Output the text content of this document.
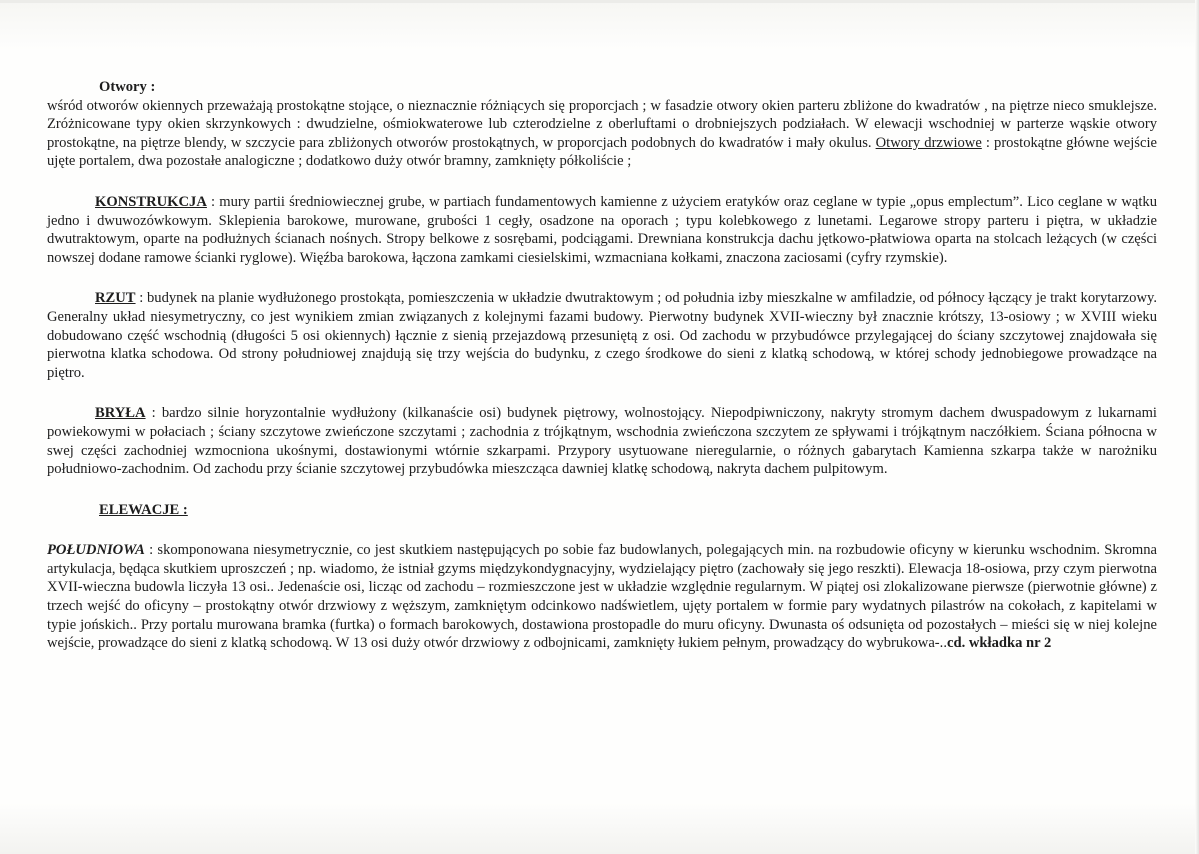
Otwory :

wśród otworów okiennych przeważają prostokątne stojące, o nieznacznie różniących się proporcjach ; w fasadzie otwory okien parteru zbliżone do kwadratów , na piętrze nieco smuklejsze. Zróżnicowane typy okien skrzynkowych : dwudzielne, ośmiokwaterowe lub czterodzielne z oberluftami o drobniejszych podziałach. W elewacji wschodniej w parterze wąskie otwory prostokątne, na piętrze blendy, w szczycie para zbliżonych otworów prostokątnych, w proporcjach podobnych do kwadratów i mały okulus. Otwory drzwiowe : prostokątne główne wejście ujęte portalem, dwa pozostałe analogiczne ; dodatkowo duży otwór bramny, zamknięty półkoliście ;

KONSTRUKCJA : mury partii średniowiecznej grube, w partiach fundamentowych kamienne z użyciem eratyków oraz ceglane w typie „opus emplectum”. Lico ceglane w wątku jedno i dwuwozówkowym. Sklepienia barokowe, murowane, grubości 1 cegły, osadzone na oporach ; typu kolebkowego z lunetami. Legarowe stropy parteru i piętra, w układzie dwutraktowym, oparte na podłużnych ścianach nośnych. Stropy belkowe z sosrębami, podciągami. Drewniana konstrukcja dachu jętkowo-płatwiowa oparta na stolcach leżących (w części nowszej dodane ramowe ścianki ryglowe). Więźba barokowa, łączona zamkami ciesielskimi, wzmacniana kołkami, znaczona zaciosami (cyfry rzymskie).

RZUT : budynek na planie wydłużonego prostokąta, pomieszczenia w układzie dwutraktowym ; od południa izby mieszkalne w amfiladzie, od północy łączący je trakt korytarzowy. Generalny układ niesymetryczny, co jest wynikiem zmian związanych z kolejnymi fazami budowy. Pierwotny budynek XVII-wieczny był znacznie krótszy, 13-osiowy ; w XVIII wieku dobudowano część wschodnią (długości 5 osi okiennych) łącznie z sienią przejazdową przesuniętą z osi. Od zachodu w przybudówce przylegającej do ściany szczytowej znajdowała się pierwotna klatka schodowa. Od strony południowej znajdują się trzy wejścia do budynku, z czego środkowe do sieni z klatką schodową, w której schody jednobiegowe prowadzące na piętro.

BRYŁA : bardzo silnie horyzontalnie wydłużony (kilkanaście osi) budynek piętrowy, wolnostojący. Niepodpiwniczony, nakryty stromym dachem dwuspadowym z lukarnami powiekowymi w połaciach ; ściany szczytowe zwieńczone szczytami ; zachodnia z trójkątnym, wschodnia zwieńczona szczytem ze spływami i trójkątnym naczółkiem. Ściana północna w swej części zachodniej wzmocniona ukośnymi, dostawionymi wtórnie szkarpami. Przypory usytuowane nieregularnie, o różnych gabarytach Kamienna szkarpa także w narożniku południowo-zachodnim. Od zachodu przy ścianie szczytowej przybudówka mieszcząca dawniej klatkę schodową, nakryta dachem pulpitowym.

ELEWACJE :

POŁUDNIOWA : skomponowana niesymetrycznie, co jest skutkiem następujących po sobie faz budowlanych, polegających min. na rozbudowie oficyny w kierunku wschodnim. Skromna artykulacja, będąca skutkiem uproszczeń ; np. wiadomo, że istniał gzyms międzykondygnacyjny, wydzielający piętro (zachowały się jego reszkti). Elewacja 18-osiowa, przy czym pierwotna XVII-wieczna budowla liczyła 13 osi.. Jedenaście osi, licząc od zachodu – rozmieszczone jest w układzie względnie regularnym. W piątej osi zlokalizowane pierwsze (pierwotnie główne) z trzech wejść do oficyny – prostokątny otwór drzwiowy z węższym, zamkniętym odcinkowo nadświetlem, ujęty portalem w formie pary wydatnych pilastrów na cokołach, z kapitelami w typie jońskich.. Przy portalu murowana bramka (furtka) o formach barokowych, dostawiona prostopadle do muru oficyny. Dwunasta oś odsunięta od pozostałych – mieści się w niej kolejne wejście, prowadzące do sieni z klatką schodową. W 13 osi duży otwór drzwiowy z odbojnicami, zamknięty łukiem pełnym, prowadzący do wybrukowa-..cd. wkładka nr 2
